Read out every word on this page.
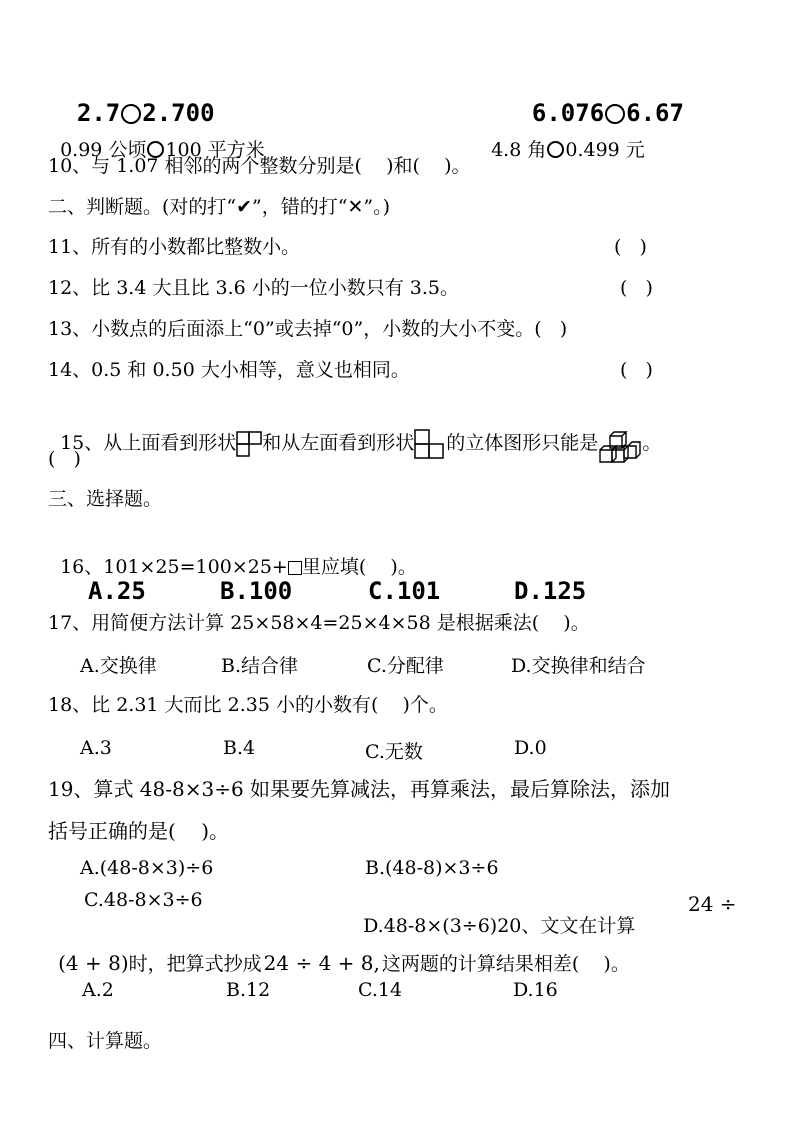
2.7 2.700	6.076 6.67

0.99 公顷 100 平方米	4.8 角 0.499 元

10、与 1.07 相邻的两个整数分别是(    )和(    )。
二、判断题。(对的打“✔”，错的打“✕”。)
11、所有的小数都比整数小。	(   )
12、比 3.4 大且比 3.6 小的一位小数只有 3.5。	(   )
13、小数点的后面添上“0”或去掉“0”，小数的大小不变。(   )
14、0.5 和 0.50 大小相等，意义也相同。	(   )

15、从上面看到形状 和从左面看到形状 的立体图形只能是 。

(   )
三、选择题。

16、101×25=100×25+ 里应填(    )。

A.25	B.100	C.101	D.125
17、用简便方法计算 25×58×4=25×4×58 是根据乘法(    )。
A.交换律	B.结合律	C.分配律	D.交换律和结合
18、比 2.31 大而比 2.35 小的小数有(    )个。
A.3	B.4	C.无数	D.0
19、算式 48-8×3÷6 如果要先算减法，再算乘法，最后算除法，添加
括号正确的是(    )。
A.(48-8×3)÷6	B.(48-8)×3÷6
C.48-8×3÷6

D.48-8×(3÷6)20、文文在计算

24 ÷

(4 + 8)时，把算式抄成 24 ÷ 4 + 8, 这两题的计算结果相差(    )。

A.2	B.12	C.14	D.16
四、计算题。
